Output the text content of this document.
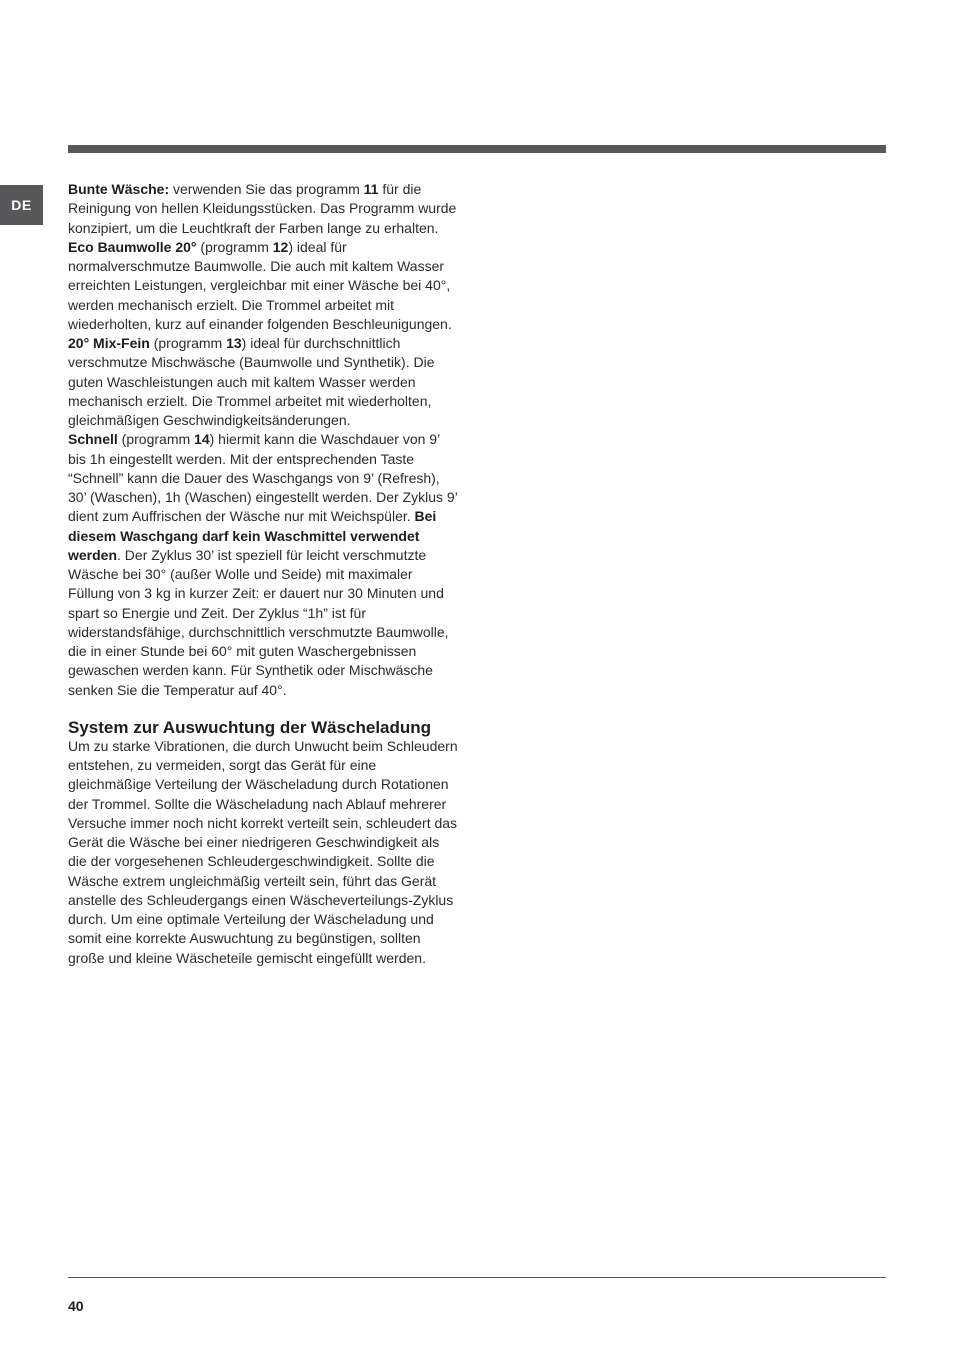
DE

Bunte Wäsche: verwenden Sie das programm 11 für die Reinigung von hellen Kleidungsstücken. Das Programm wurde konzipiert, um die Leuchtkraft der Farben lange zu erhalten.

Eco Baumwolle 20° (programm 12) ideal für normalverschmutze Baumwolle. Die auch mit kaltem Wasser erreichten Leistungen, vergleichbar mit einer Wäsche bei 40°, werden mechanisch erzielt. Die Trommel arbeitet mit wiederholten, kurz auf einander folgenden Beschleunigungen.

20° Mix-Fein (programm 13) ideal für durchschnittlich verschmutze Mischwäsche (Baumwolle und Synthetik). Die guten Waschleistungen auch mit kaltem Wasser werden mechanisch erzielt. Die Trommel arbeitet mit wiederholten, gleichmäßigen Geschwindigkeitsänderungen.

Schnell (programm 14) hiermit kann die Waschdauer von 9’ bis 1h eingestellt werden. Mit der entsprechenden Taste “Schnell” kann die Dauer des Waschgangs von 9’ (Refresh), 30’ (Waschen), 1h (Waschen) eingestellt werden. Der Zyklus 9’ dient zum Auffrischen der Wäsche nur mit Weichspüler. Bei diesem Waschgang darf kein Waschmittel verwendet werden. Der Zyklus 30’ ist speziell für leicht verschmutzte Wäsche bei 30° (außer Wolle und Seide) mit maximaler Füllung von 3 kg in kurzer Zeit: er dauert nur 30 Minuten und spart so Energie und Zeit. Der Zyklus “1h” ist für widerstandsfähige, durchschnittlich verschmutzte Baumwolle, die in einer Stunde bei 60° mit guten Waschergebnissen gewaschen werden kann. Für Synthetik oder Mischwäsche senken Sie die Temperatur auf 40°.

System zur Auswuchtung der Wäscheladung

Um zu starke Vibrationen, die durch Unwucht beim Schleudern entstehen, zu vermeiden, sorgt das Gerät für eine gleichmäßige Verteilung der Wäscheladung durch Rotationen der Trommel. Sollte die Wäscheladung nach Ablauf mehrerer Versuche immer noch nicht korrekt verteilt sein, schleudert das Gerät die Wäsche bei einer niedrigeren Geschwindigkeit als die der vorgesehenen Schleudergeschwindigkeit. Sollte die Wäsche extrem ungleichmäßig verteilt sein, führt das Gerät anstelle des Schleudergangs einen Wäscheverteilungs-Zyklus durch. Um eine optimale Verteilung der Wäscheladung und somit eine korrekte Auswuchtung zu begünstigen, sollten große und kleine Wäscheteile gemischt eingefüllt werden.

40
